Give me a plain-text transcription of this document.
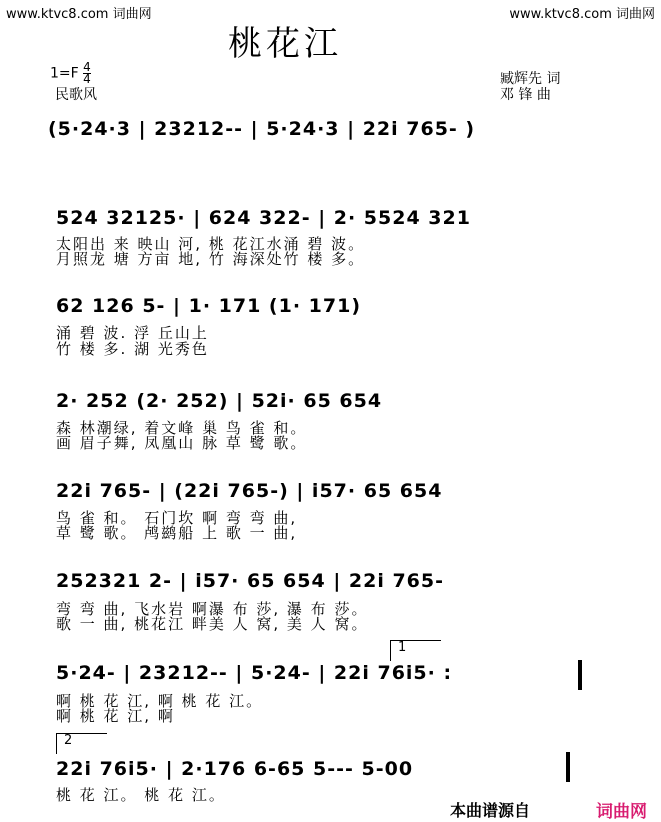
www.ktvc8.com 词曲网	www.ktvc8.com 词曲网
桃花江
$1=F \frac{4}{4}$
民歌风
臧辉先 词
邓 锋 曲
(5·24·3 | 23212-- | 5·24·3 | 22i 765- )
524 32125· | 624 322- | 2· 5524 321
太阳出 来 映山 河, 桃 花江水涌 碧 波。
月照龙 塘 方亩 地, 竹 海深处竹 楼 多。
62 126 5- | 1· 171 (1· 171)
涌 碧 波. 浮 丘山上
竹 楼 多. 湖 光秀色
2· 252 (2· 252) | 52i· 65 654
森 林潮绿, 着文峰 巢 鸟 雀 和。
画 眉子舞, 凤凰山 脉 草 鹭 歌。
22i 765- | (22i 765-) | i57· 65 654
鸟 雀 和。 石门坎 啊 弯 弯 曲,
草 鹭 歌。 鸬鹚船 上 歌 一 曲,
252321 2- | i57· 65 654 | 22i 765-
弯 弯 曲, 飞水岩 啊瀑 布 莎, 瀑 布 莎。
歌 一 曲, 桃花江 畔美 人 窝, 美 人 窝。
1
5·24- | 23212-- | 5·24- | 22i 76i5· :
啊 桃 花 江, 啊 桃 花 江。
啊 桃 花 江, 啊
2
22i 76i5· | 2·176 6-65 5--- 5-00
桃 花 江。 桃 花 江。
本曲谱源自	词曲网
